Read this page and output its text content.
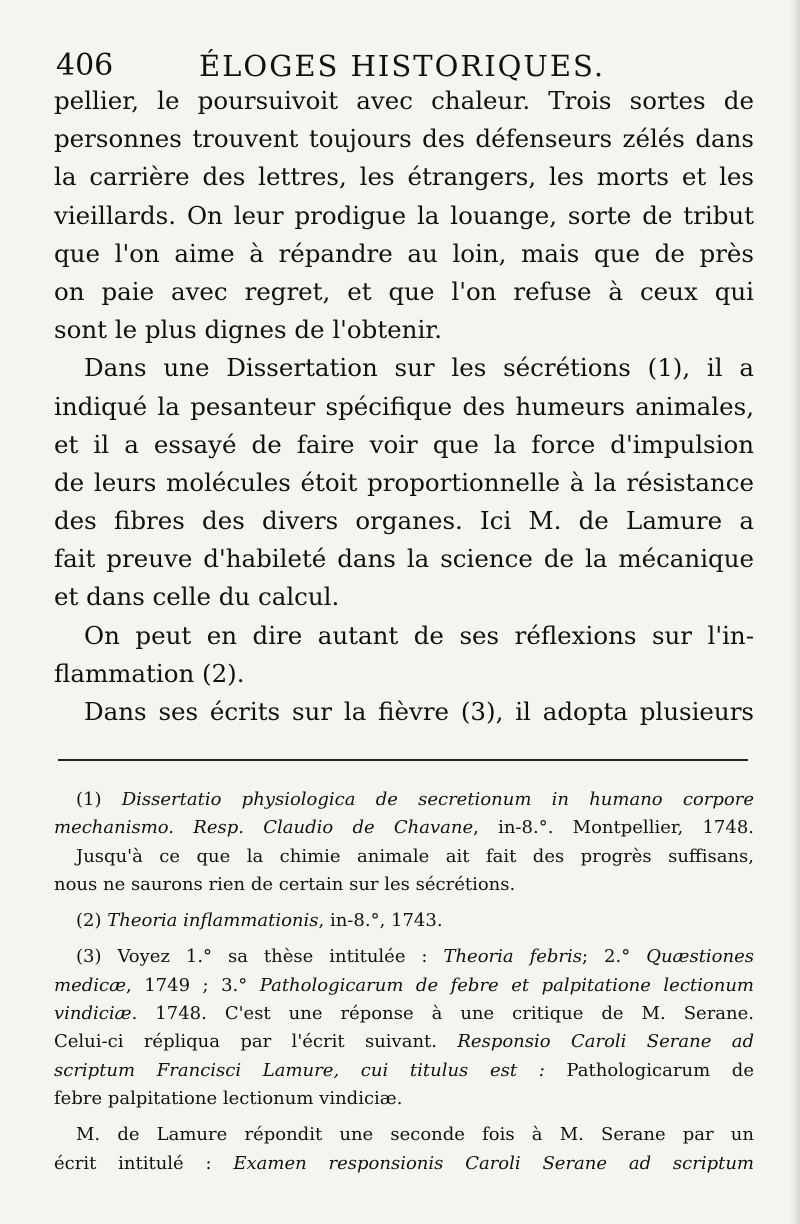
406	ÉLOGES HISTORIQUES.
pellier, le poursuivoit avec chaleur. Trois sortes de
personnes trouvent toujours des défenseurs zélés dans
la carrière des lettres, les étrangers, les morts et les
vieillards. On leur prodigue la louange, sorte de tribut
que l'on aime à répandre au loin, mais que de près
on paie avec regret, et que l'on refuse à ceux qui
sont le plus dignes de l'obtenir.
Dans une Dissertation sur les sécrétions (1), il a
indiqué la pesanteur spécifique des humeurs animales,
et il a essayé de faire voir que la force d'impulsion
de leurs molécules étoit proportionnelle à la résistance
des fibres des divers organes. Ici M. de Lamure a
fait preuve d'habileté dans la science de la mécanique
et dans celle du calcul.
On peut en dire autant de ses réflexions sur l'in-
flammation (2).
Dans ses écrits sur la fièvre (3), il adopta plusieurs
(1) Dissertatio physiologica de secretionum in humano corpore
mechanismo. Resp. Claudio de Chavane, in-8.°. Montpellier, 1748.
Jusqu'à ce que la chimie animale ait fait des progrès suffisans,
nous ne saurons rien de certain sur les sécrétions.
(2) Theoria inflammationis, in-8.°, 1743.
(3) Voyez 1.° sa thèse intitulée : Theoria febris; 2.° Quæstiones
medicæ, 1749 ; 3.° Pathologicarum de febre et palpitatione lectionum
vindiciæ. 1748. C'est une réponse à une critique de M. Serane.
Celui-ci répliqua par l'écrit suivant. Responsio Caroli Serane ad
scriptum Francisci Lamure, cui titulus est : Pathologicarum de
febre palpitatione lectionum vindiciæ.
M. de Lamure répondit une seconde fois à M. Serane par un
écrit intitulé : Examen responsionis Caroli Serane ad scriptum
